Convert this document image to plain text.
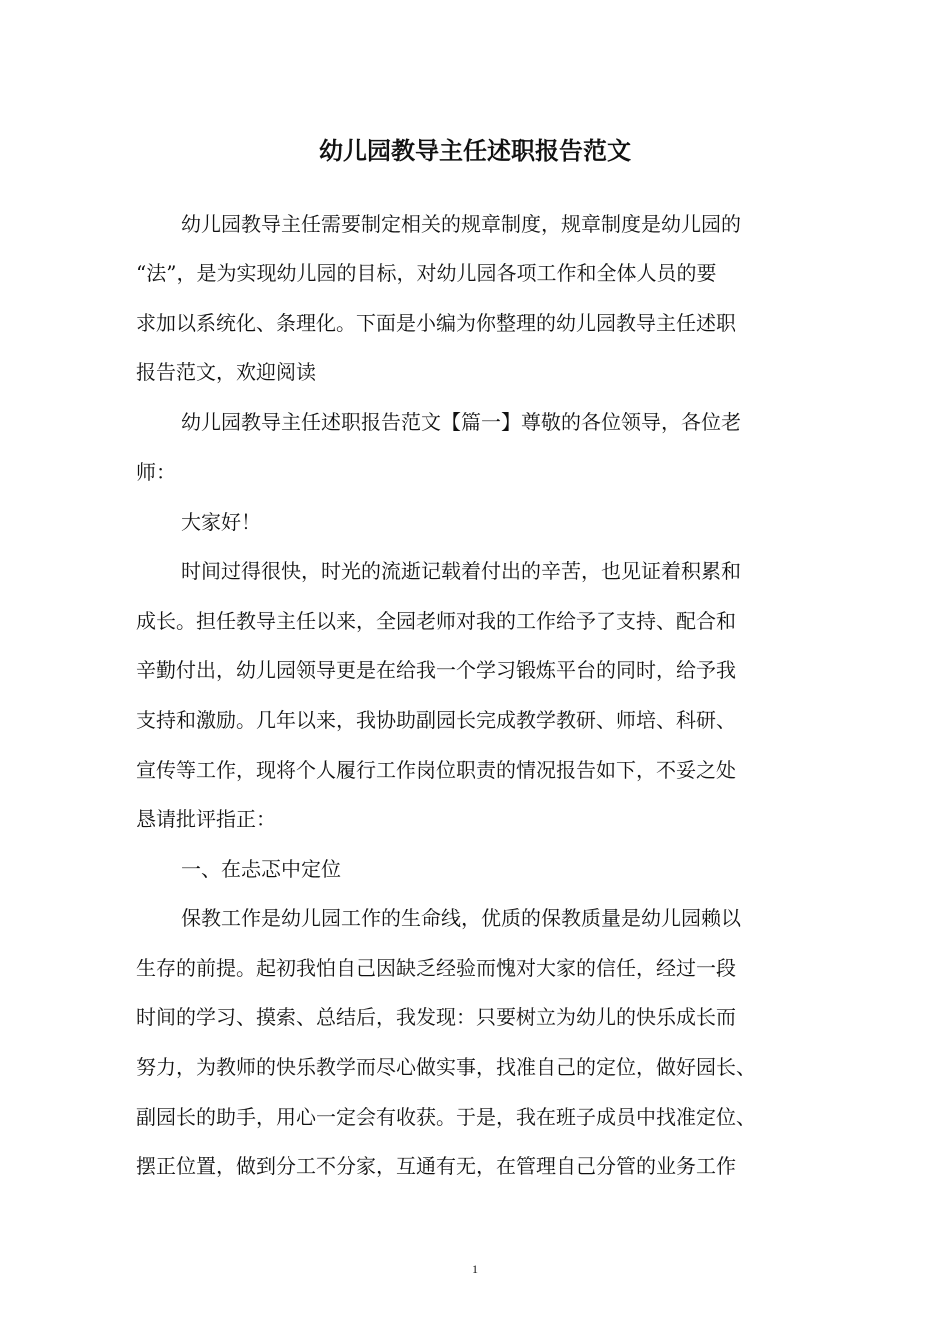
幼儿园教导主任述职报告范文
幼儿园教导主任需要制定相关的规章制度，规章制度是幼儿园的
“法”，是为实现幼儿园的目标，对幼儿园各项工作和全体人员的要
求加以系统化、条理化。下面是小编为你整理的幼儿园教导主任述职
报告范文，欢迎阅读
幼儿园教导主任述职报告范文【篇一】尊敬的各位领导，各位老
师：
大家好！
时间过得很快，时光的流逝记载着付出的辛苦，也见证着积累和
成长。担任教导主任以来，全园老师对我的工作给予了支持、配合和
辛勤付出，幼儿园领导更是在给我一个学习锻炼平台的同时，给予我
支持和激励。几年以来，我协助副园长完成教学教研、师培、科研、
宣传等工作，现将个人履行工作岗位职责的情况报告如下，不妥之处
恳请批评指正：
一、在忐忑中定位
保教工作是幼儿园工作的生命线，优质的保教质量是幼儿园赖以
生存的前提。起初我怕自己因缺乏经验而愧对大家的信任，经过一段
时间的学习、摸索、总结后，我发现：只要树立为幼儿的快乐成长而
努力，为教师的快乐教学而尽心做实事，找准自己的定位，做好园长、
副园长的助手，用心一定会有收获。于是，我在班子成员中找准定位、
摆正位置，做到分工不分家，互通有无，在管理自己分管的业务工作
1
